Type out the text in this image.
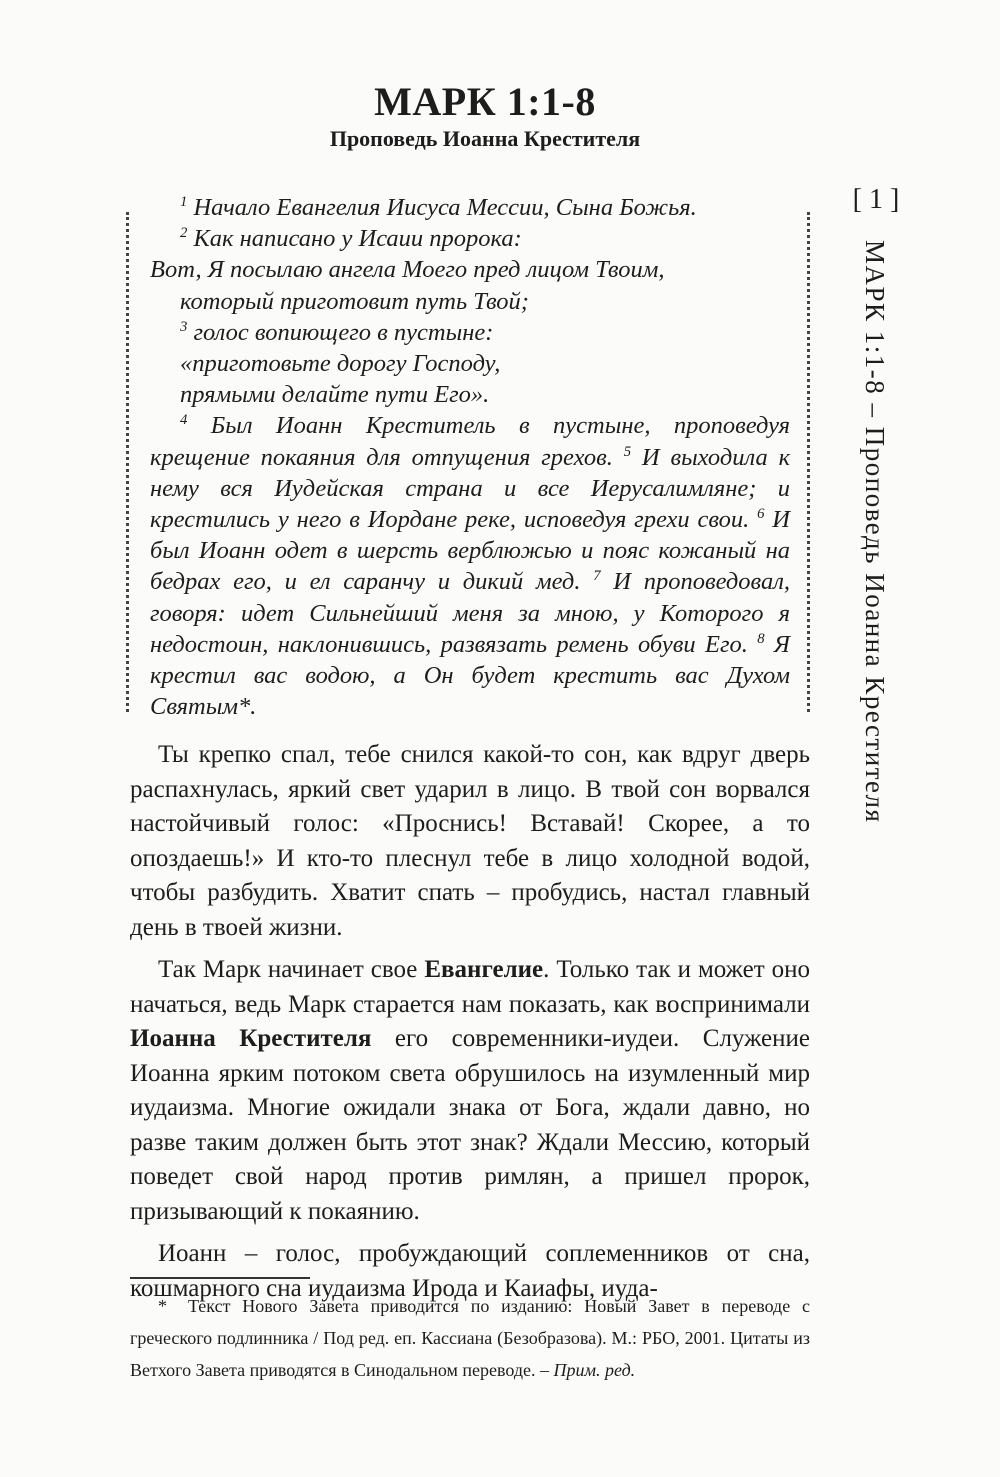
МАРК 1:1-8
Проповедь Иоанна Крестителя
[ 1 ]
МАРК 1:1-8 – Проповедь Иоанна Крестителя
$^1$ Начало Евангелия Иисуса Мессии, Сына Божья.
$^2$ Как написано у Исаии пророка:
Вот, Я посылаю ангела Моего пред лицом Твоим,
который приготовит путь Твой;
$^3$ голос вопиющего в пустыне:
«приготовьте дорогу Господу,
прямыми делайте пути Его».
$^4$ Был Иоанн Креститель в пустыне, проповедуя крещение покаяния для отпущения грехов. $^5$ И выходила к нему вся Иудейская страна и все Иерусалимляне; и крестились у него в Иордане реке, исповедуя грехи свои. $^6$ И был Иоанн одет в шерсть верблюжью и пояс кожаный на бедрах его, и ел саранчу и дикий мед. $^7$ И проповедовал, говоря: идет Сильнейший меня за мною, у Которого я недостоин, наклонившись, развязать ремень обуви Его. $^8$ Я крестил вас водою, а Он будет крестить вас Духом Святым*.

Ты крепко спал, тебе снился какой-то сон, как вдруг дверь распахнулась, яркий свет ударил в лицо. В твой сон ворвался настойчивый голос: «Проснись! Вставай! Скорее, а то опоздаешь!» И кто-то плеснул тебе в лицо холодной водой, чтобы разбудить. Хватит спать – пробудись, настал главный день в твоей жизни.

Так Марк начинает свое Евангелие. Только так и может оно начаться, ведь Марк старается нам показать, как воспринимали Иоанна Крестителя его современники-иудеи. Служение Иоанна ярким потоком света обрушилось на изумленный мир иудаизма. Многие ожидали знака от Бога, ждали давно, но разве таким должен быть этот знак? Ждали Мессию, который поведет свой народ против римлян, а пришел пророк, призывающий к покаянию.

Иоанн – голос, пробуждающий соплеменников от сна, кошмарного сна иудаизма Ирода и Каиафы, иуда-

* Текст Нового Завета приводится по изданию: Новый Завет в переводе с греческого подлинника / Под ред. еп. Кассиана (Безобразова). М.: РБО, 2001. Цитаты из Ветхого Завета приводятся в Синодальном переводе. – Прим. ред.
